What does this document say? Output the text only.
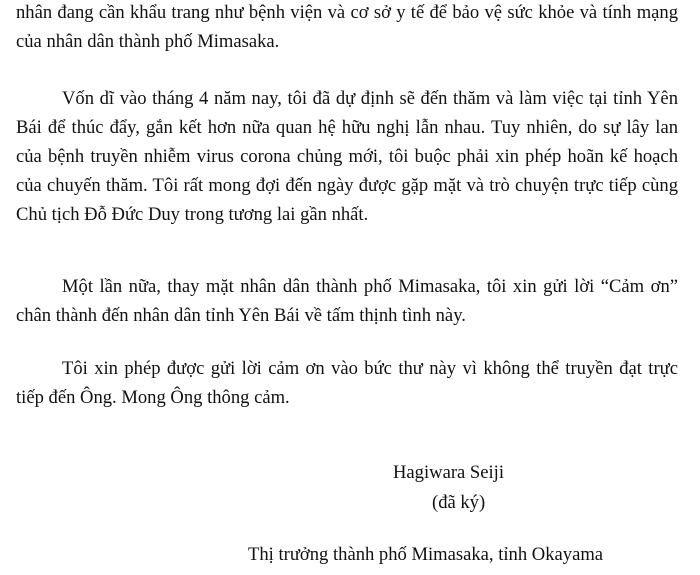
nhân đang cần khẩu trang như bệnh viện và cơ sở y tế để bảo vệ sức khỏe và tính mạng của nhân dân thành phố Mimasaka.

Vốn dĩ vào tháng 4 năm nay, tôi đã dự định sẽ đến thăm và làm việc tại tỉnh Yên Bái để thúc đẩy, gắn kết hơn nữa quan hệ hữu nghị lẫn nhau. Tuy nhiên, do sự lây lan của bệnh truyền nhiễm virus corona chủng mới, tôi buộc phải xin phép hoãn kế hoạch của chuyến thăm. Tôi rất mong đợi đến ngày được gặp mặt và trò chuyện trực tiếp cùng Chủ tịch Đỗ Đức Duy trong tương lai gần nhất.

Một lần nữa, thay mặt nhân dân thành phố Mimasaka, tôi xin gửi lời “Cảm ơn” chân thành đến nhân dân tỉnh Yên Bái về tấm thịnh tình này.

Tôi xin phép được gửi lời cảm ơn vào bức thư này vì không thể truyền đạt trực tiếp đến Ông. Mong Ông thông cảm.

Hagiwara Seiji

(đã ký)

Thị trưởng thành phố Mimasaka, tỉnh Okayama
